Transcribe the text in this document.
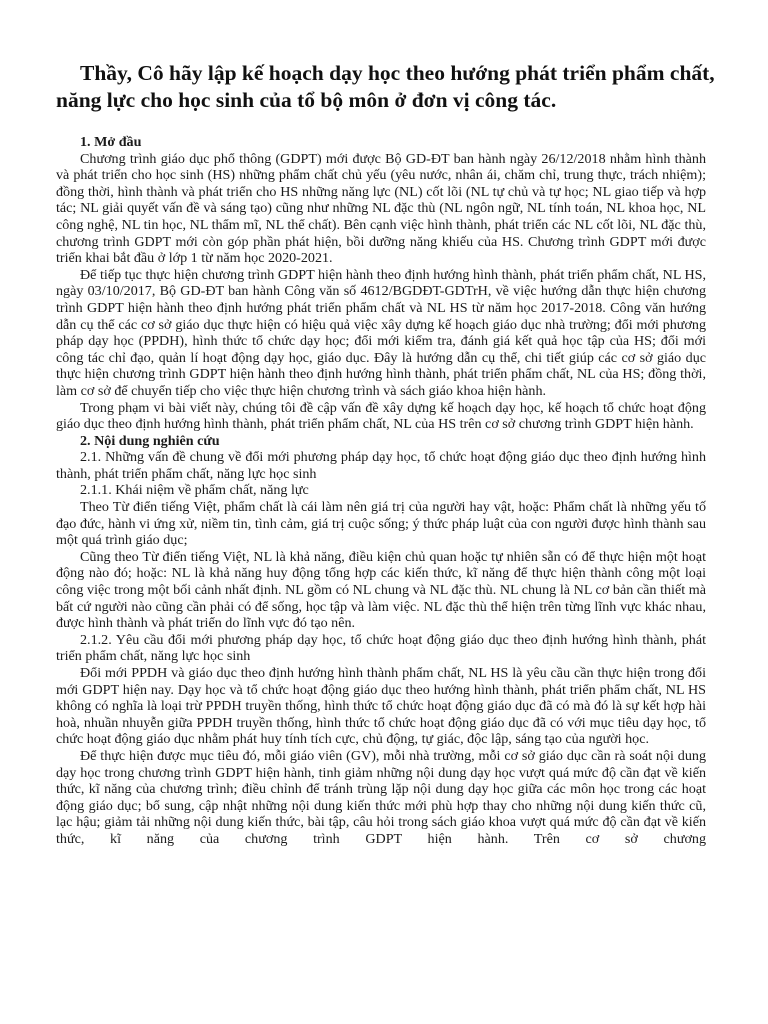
Thầy, Cô hãy lập kế hoạch dạy học theo hướng phát triển phẩm chất, năng lực cho học sinh của tổ bộ môn ở đơn vị công tác.

1. Mở đầu

Chương trình giáo dục phổ thông (GDPT) mới được Bộ GD-ĐT ban hành ngày 26/12/2018 nhằm hình thành và phát triển cho học sinh (HS) những phẩm chất chủ yếu (yêu nước, nhân ái, chăm chỉ, trung thực, trách nhiệm); đồng thời, hình thành và phát triển cho HS những năng lực (NL) cốt lõi (NL tự chủ và tự học; NL giao tiếp và hợp tác; NL giải quyết vấn đề và sáng tạo) cũng như những NL đặc thù (NL ngôn ngữ, NL tính toán, NL khoa học, NL công nghệ, NL tin học, NL thẩm mĩ, NL thể chất). Bên cạnh việc hình thành, phát triển các NL cốt lõi, NL đặc thù, chương trình GDPT mới còn góp phần phát hiện, bồi dưỡng năng khiếu của HS. Chương trình GDPT mới được triển khai bắt đầu ở lớp 1 từ năm học 2020-2021.

Để tiếp tục thực hiện chương trình GDPT hiện hành theo định hướng hình thành, phát triển phẩm chất, NL HS, ngày 03/10/2017, Bộ GD-ĐT ban hành Công văn số 4612/BGDĐT-GDTrH, về việc hướng dẫn thực hiện chương trình GDPT hiện hành theo định hướng phát triển phẩm chất và NL HS từ năm học 2017-2018. Công văn hướng dẫn cụ thể các cơ sở giáo dục thực hiện có hiệu quả việc xây dựng kế hoạch giáo dục nhà trường; đổi mới phương pháp dạy học (PPDH), hình thức tổ chức dạy học; đổi mới kiểm tra, đánh giá kết quả học tập của HS; đổi mới công tác chỉ đạo, quản lí hoạt động dạy học, giáo dục. Đây là hướng dẫn cụ thể, chi tiết giúp các cơ sở giáo dục thực hiện chương trình GDPT hiện hành theo định hướng hình thành, phát triển phẩm chất, NL của HS; đồng thời, làm cơ sở để chuyển tiếp cho việc thực hiện chương trình và sách giáo khoa hiện hành.

Trong phạm vi bài viết này, chúng tôi đề cập vấn đề xây dựng kế hoạch dạy học, kế hoạch tổ chức hoạt động giáo dục theo định hướng hình thành, phát triển phẩm chất, NL của HS trên cơ sở chương trình GDPT hiện hành.

2. Nội dung nghiên cứu

2.1. Những vấn đề chung về đổi mới phương pháp dạy học, tổ chức hoạt động giáo dục theo định hướng hình thành, phát triển phẩm chất, năng lực học sinh

2.1.1. Khái niệm về phẩm chất, năng lực

Theo Từ điển tiếng Việt, phẩm chất là cái làm nên giá trị của người hay vật, hoặc: Phẩm chất là những yếu tố đạo đức, hành vi ứng xử, niềm tin, tình cảm, giá trị cuộc sống; ý thức pháp luật của con người được hình thành sau một quá trình giáo dục;

Cũng theo Từ điển tiếng Việt, NL là khả năng, điều kiện chủ quan hoặc tự nhiên sẵn có để thực hiện một hoạt động nào đó; hoặc: NL là khả năng huy động tổng hợp các kiến thức, kĩ năng để thực hiện thành công một loại công việc trong một bối cảnh nhất định. NL gồm có NL chung và NL đặc thù. NL chung là NL cơ bản cần thiết mà bất cứ người nào cũng cần phải có để sống, học tập và làm việc. NL đặc thù thể hiện trên từng lĩnh vực khác nhau, được hình thành và phát triển do lĩnh vực đó tạo nên.

2.1.2. Yêu cầu đổi mới phương pháp dạy học, tổ chức hoạt động giáo dục theo định hướng hình thành, phát triển phẩm chất, năng lực học sinh

Đổi mới PPDH và giáo dục theo định hướng hình thành phẩm chất, NL HS là yêu cầu cần thực hiện trong đổi mới GDPT hiện nay. Dạy học và tổ chức hoạt động giáo dục theo hướng hình thành, phát triển phẩm chất, NL HS không có nghĩa là loại trừ PPDH truyền thống, hình thức tổ chức hoạt động giáo dục đã có mà đó là sự kết hợp hài hoà, nhuần nhuyễn giữa PPDH truyền thống, hình thức tổ chức hoạt động giáo dục đã có với mục tiêu dạy học, tổ chức hoạt động giáo dục nhằm phát huy tính tích cực, chủ động, tự giác, độc lập, sáng tạo của người học.

Để thực hiện được mục tiêu đó, mỗi giáo viên (GV), mỗi nhà trường, mỗi cơ sở giáo dục cần rà soát nội dung dạy học trong chương trình GDPT hiện hành, tinh giảm những nội dung dạy học vượt quá mức độ cần đạt về kiến thức, kĩ năng của chương trình; điều chỉnh để tránh trùng lặp nội dung dạy học giữa các môn học trong các hoạt động giáo dục; bổ sung, cập nhật những nội dung kiến thức mới phù hợp thay cho những nội dung kiến thức cũ, lạc hậu; giảm tải những nội dung kiến thức, bài tập, câu hỏi trong sách giáo khoa vượt quá mức độ cần đạt về kiến thức, kĩ năng của chương trình GDPT hiện hành. Trên cơ sở chương
